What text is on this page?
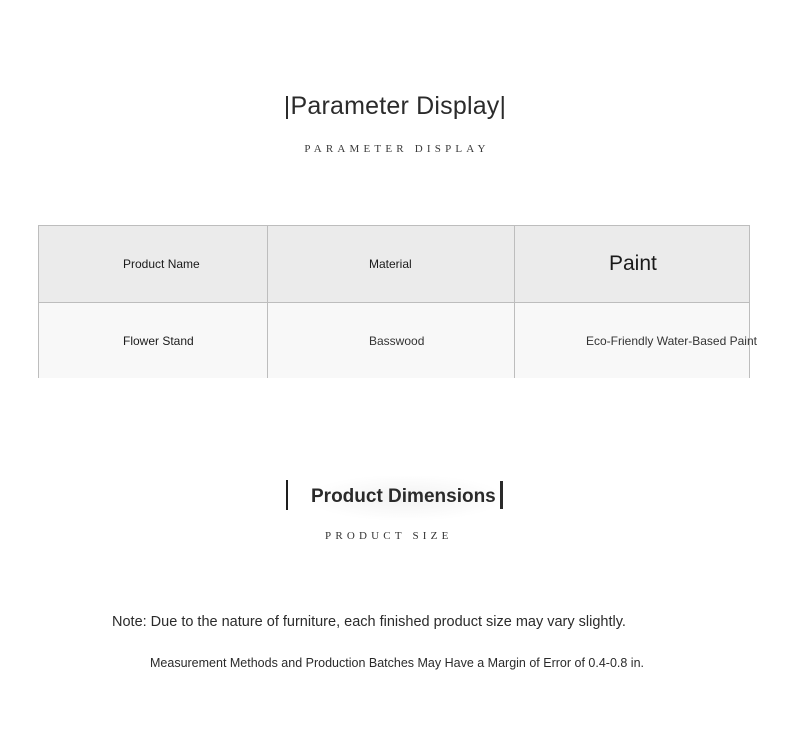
|Parameter Display|
PARAMETER DISPLAY
Product Name	Material	Paint
Flower Stand	Basswood	Eco-Friendly Water-Based Paint
Product Dimensions
PRODUCT SIZE
Note: Due to the nature of furniture, each finished product size may vary slightly.
Measurement Methods and Production Batches May Have a Margin of Error of 0.4-0.8 in.
